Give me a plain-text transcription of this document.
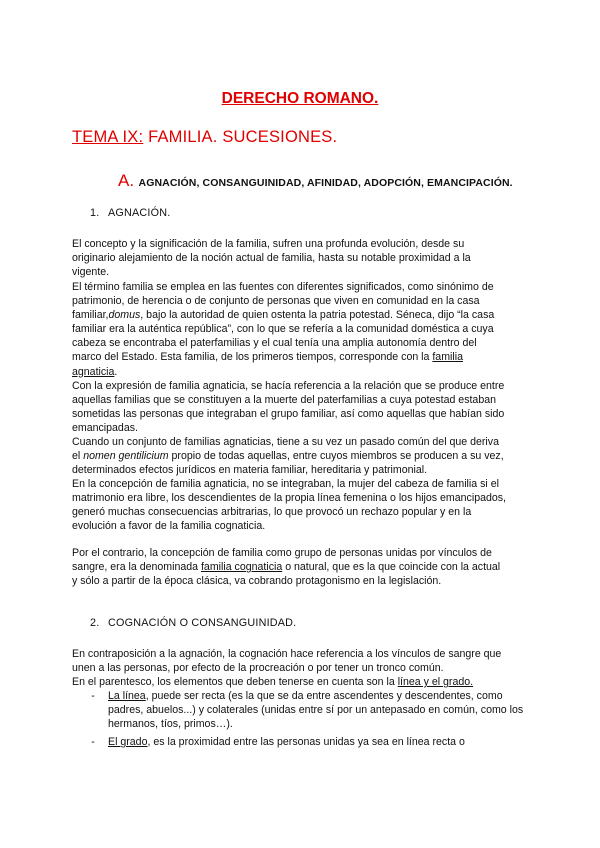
DERECHO ROMANO.
TEMA IX: FAMILIA. SUCESIONES.
A. AGNACIÓN, CONSANGUINIDAD, AFINIDAD, ADOPCIÓN, EMANCIPACIÓN.
1. AGNACIÓN.
El concepto y la significación de la familia, sufren una profunda evolución, desde su
originario alejamiento de la noción actual de familia, hasta su notable proximidad a la
vigente.
El término familia se emplea en las fuentes con diferentes significados, como sinónimo de
patrimonio, de herencia o de conjunto de personas que viven en comunidad en la casa
familiar,domus, bajo la autoridad de quien ostenta la patria potestad. Séneca, dijo “la casa
familiar era la auténtica república”, con lo que se refería a la comunidad doméstica a cuya
cabeza se encontraba el paterfamilias y el cual tenía una amplia autonomía dentro del
marco del Estado. Esta familia, de los primeros tiempos, corresponde con la familia
agnaticia.
Con la expresión de familia agnaticia, se hacía referencia a la relación que se produce entre
aquellas familias que se constituyen a la muerte del paterfamilias a cuya potestad estaban
sometidas las personas que integraban el grupo familiar, así como aquellas que habían sido
emancipadas.
Cuando un conjunto de familias agnaticias, tiene a su vez un pasado común del que deriva
el nomen gentilicium propio de todas aquellas, entre cuyos miembros se producen a su vez,
determinados efectos jurídicos en materia familiar, hereditaria y patrimonial.
En la concepción de familia agnaticia, no se integraban, la mujer del cabeza de familia si el
matrimonio era libre, los descendientes de la propia línea femenina o los hijos emancipados,
generó muchas consecuencias arbitrarias, lo que provocó un rechazo popular y en la
evolución a favor de la familia cognaticia.
Por el contrario, la concepción de familia como grupo de personas unidas por vínculos de
sangre, era la denominada familia cognaticia o natural, que es la que coincide con la actual
y sólo a partir de la época clásica, va cobrando protagonismo en la legislación.
2. COGNACIÓN O CONSANGUINIDAD.
En contraposición a la agnación, la cognación hace referencia a los vínculos de sangre que
unen a las personas, por efecto de la procreación o por tener un tronco común.
En el parentesco, los elementos que deben tenerse en cuenta son la línea y el grado.
- La línea, puede ser recta (es la que se da entre ascendentes y descendentes, como
padres, abuelos...) y colaterales (unidas entre sí por un antepasado en común, como los
hermanos, tíos, primos…).
- El grado, es la proximidad entre las personas unidas ya sea en línea recta o
